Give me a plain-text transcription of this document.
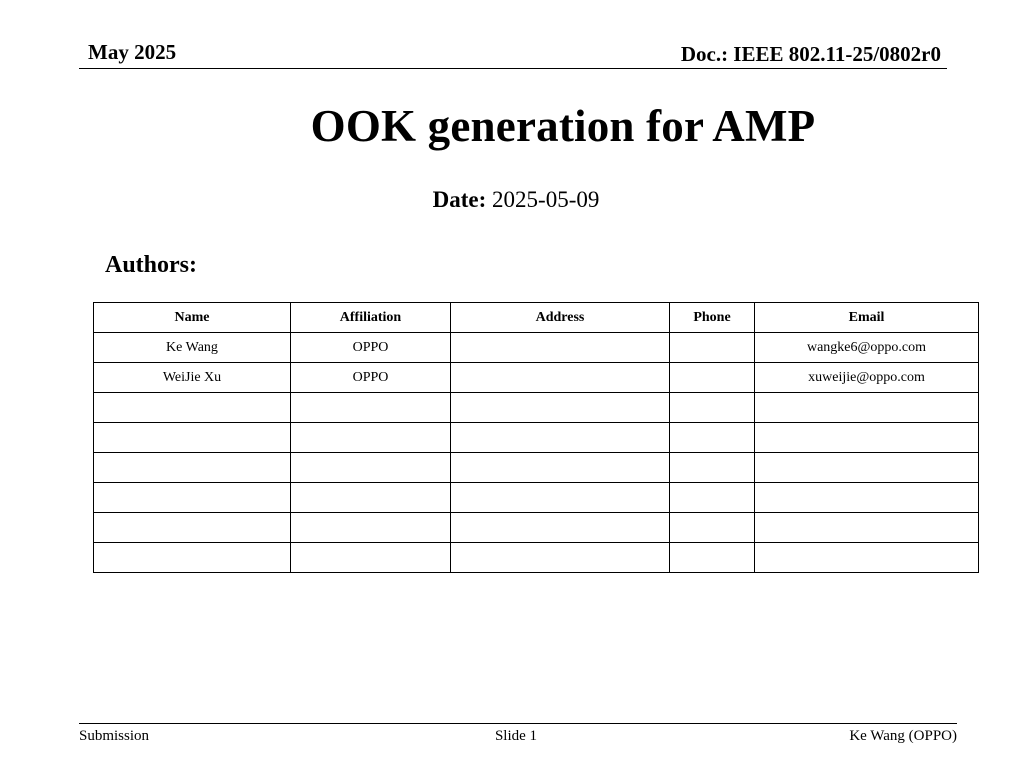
May 2025	Doc.: IEEE 802.11-25/0802r0
OOK generation for AMP
Date: 2025-05-09
Authors:
Name	Affiliation	Address	Phone	Email
Ke Wang	OPPO			wangke6@oppo.com
WeiJie Xu	OPPO			xuweijie@oppo.com

Submission	Slide 1	Ke Wang (OPPO)
